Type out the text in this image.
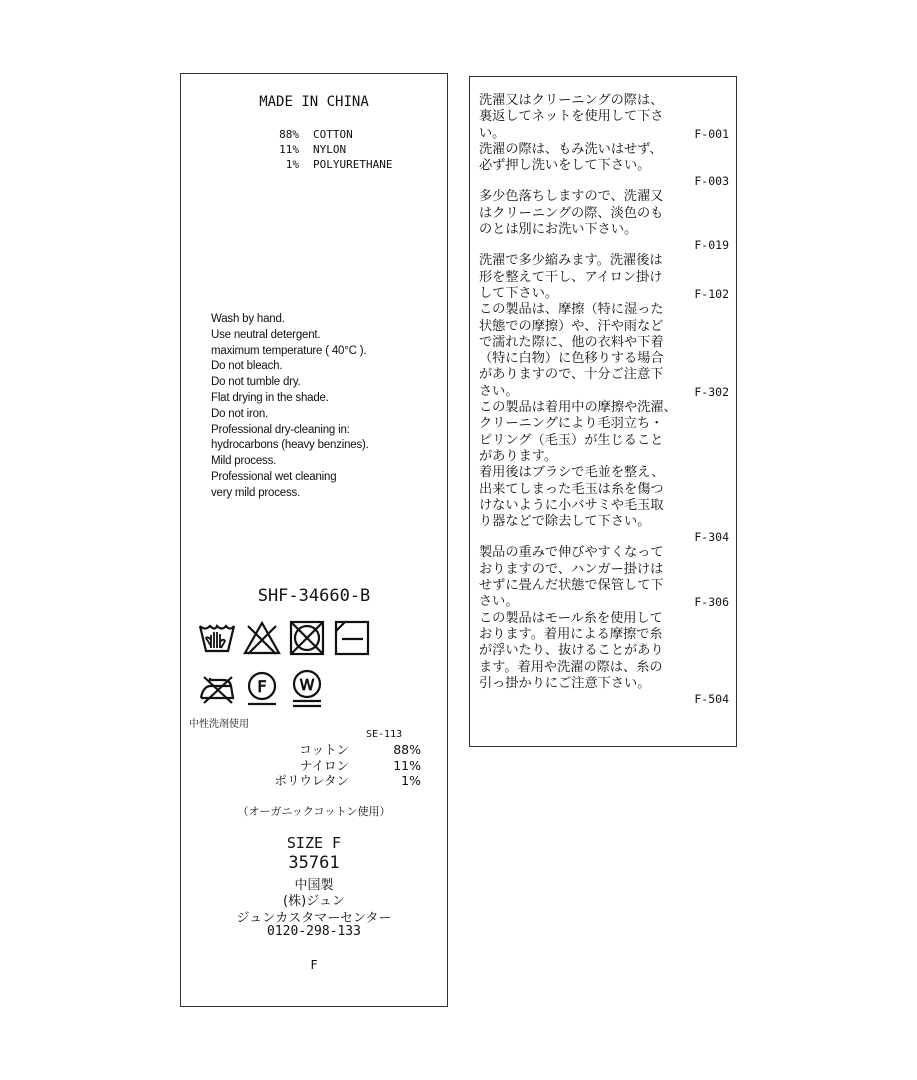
MADE IN CHINA
88%	COTTON
11%	NYLON
1%	POLYURETHANE
Wash by hand.
Use neutral detergent.
maximum temperature ( 40°C ).
Do not bleach.
Do not tumble dry.
Flat drying in the shade.
Do not iron.
Professional dry-cleaning in:
hydrocarbons (heavy benzines).
Mild process.
Professional wet cleaning
very mild process.
SHF-34660-B
F W
中性洗剤使用
SE-113
コットン	88%
ナイロン	11%
ポリウレタン	1%
（オーガニックコットン使用）
SIZE F
35761
中国製
(株)ジュン
ジュンカスタマーセンター
0120-298-133
F
洗濯又はクリーニングの際は、
裏返してネットを使用して下さ
い。	F-001
洗濯の際は、もみ洗いはせず、
必ず押し洗いをして下さい。
F-003
多少色落ちしますので、洗濯又
はクリーニングの際、淡色のも
のとは別にお洗い下さい。
F-019
洗濯で多少縮みます。洗濯後は
形を整えて干し、アイロン掛け
して下さい。	F-102
この製品は、摩擦（特に湿った
状態での摩擦）や、汗や雨など
で濡れた際に、他の衣料や下着
（特に白物）に色移りする場合
がありますので、十分ご注意下
さい。	F-302
この製品は着用中の摩擦や洗濯、
クリーニングにより毛羽立ち・
ピリング（毛玉）が生じること
があります。
着用後はブラシで毛並を整え、
出来てしまった毛玉は糸を傷つ
けないように小バサミや毛玉取
り器などで除去して下さい。
F-304
製品の重みで伸びやすくなって
おりますので、ハンガー掛けは
せずに畳んだ状態で保管して下
さい。	F-306
この製品はモール糸を使用して
おります。着用による摩擦で糸
が浮いたり、抜けることがあり
ます。着用や洗濯の際は、糸の
引っ掛かりにご注意下さい。
F-504
